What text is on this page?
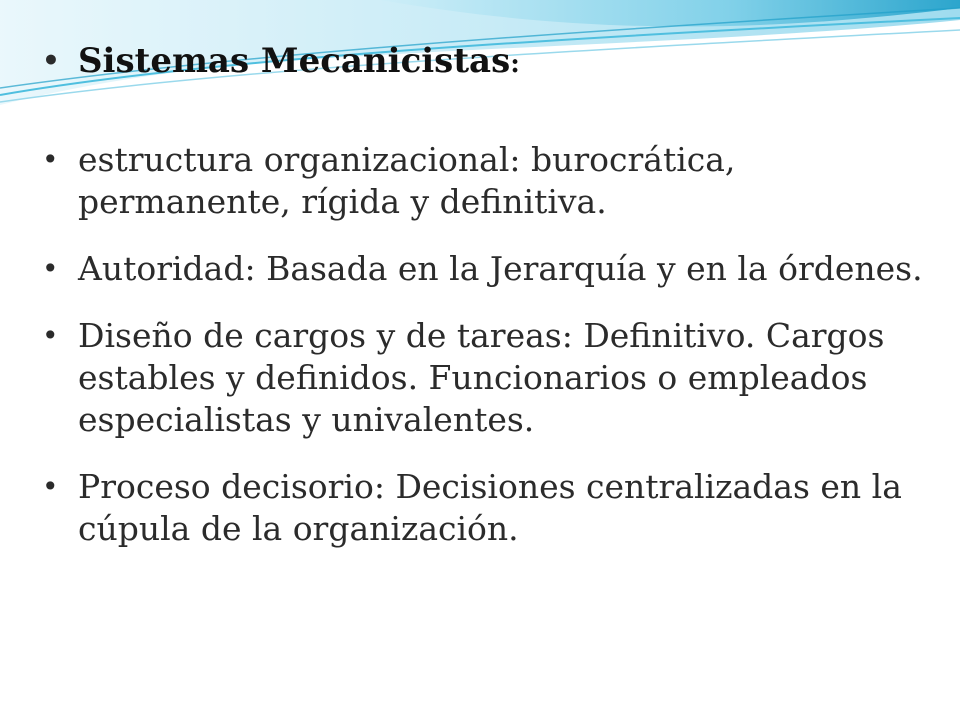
• Sistemas Mecanicistas:
• estructura organizacional: burocrática, permanente, rígida y definitiva.
• Autoridad: Basada en la Jerarquía y en la órdenes.
• Diseño de cargos y de tareas: Definitivo. Cargos estables y definidos. Funcionarios o empleados especialistas y univalentes.
• Proceso decisorio: Decisiones centralizadas en la cúpula de la organización.
